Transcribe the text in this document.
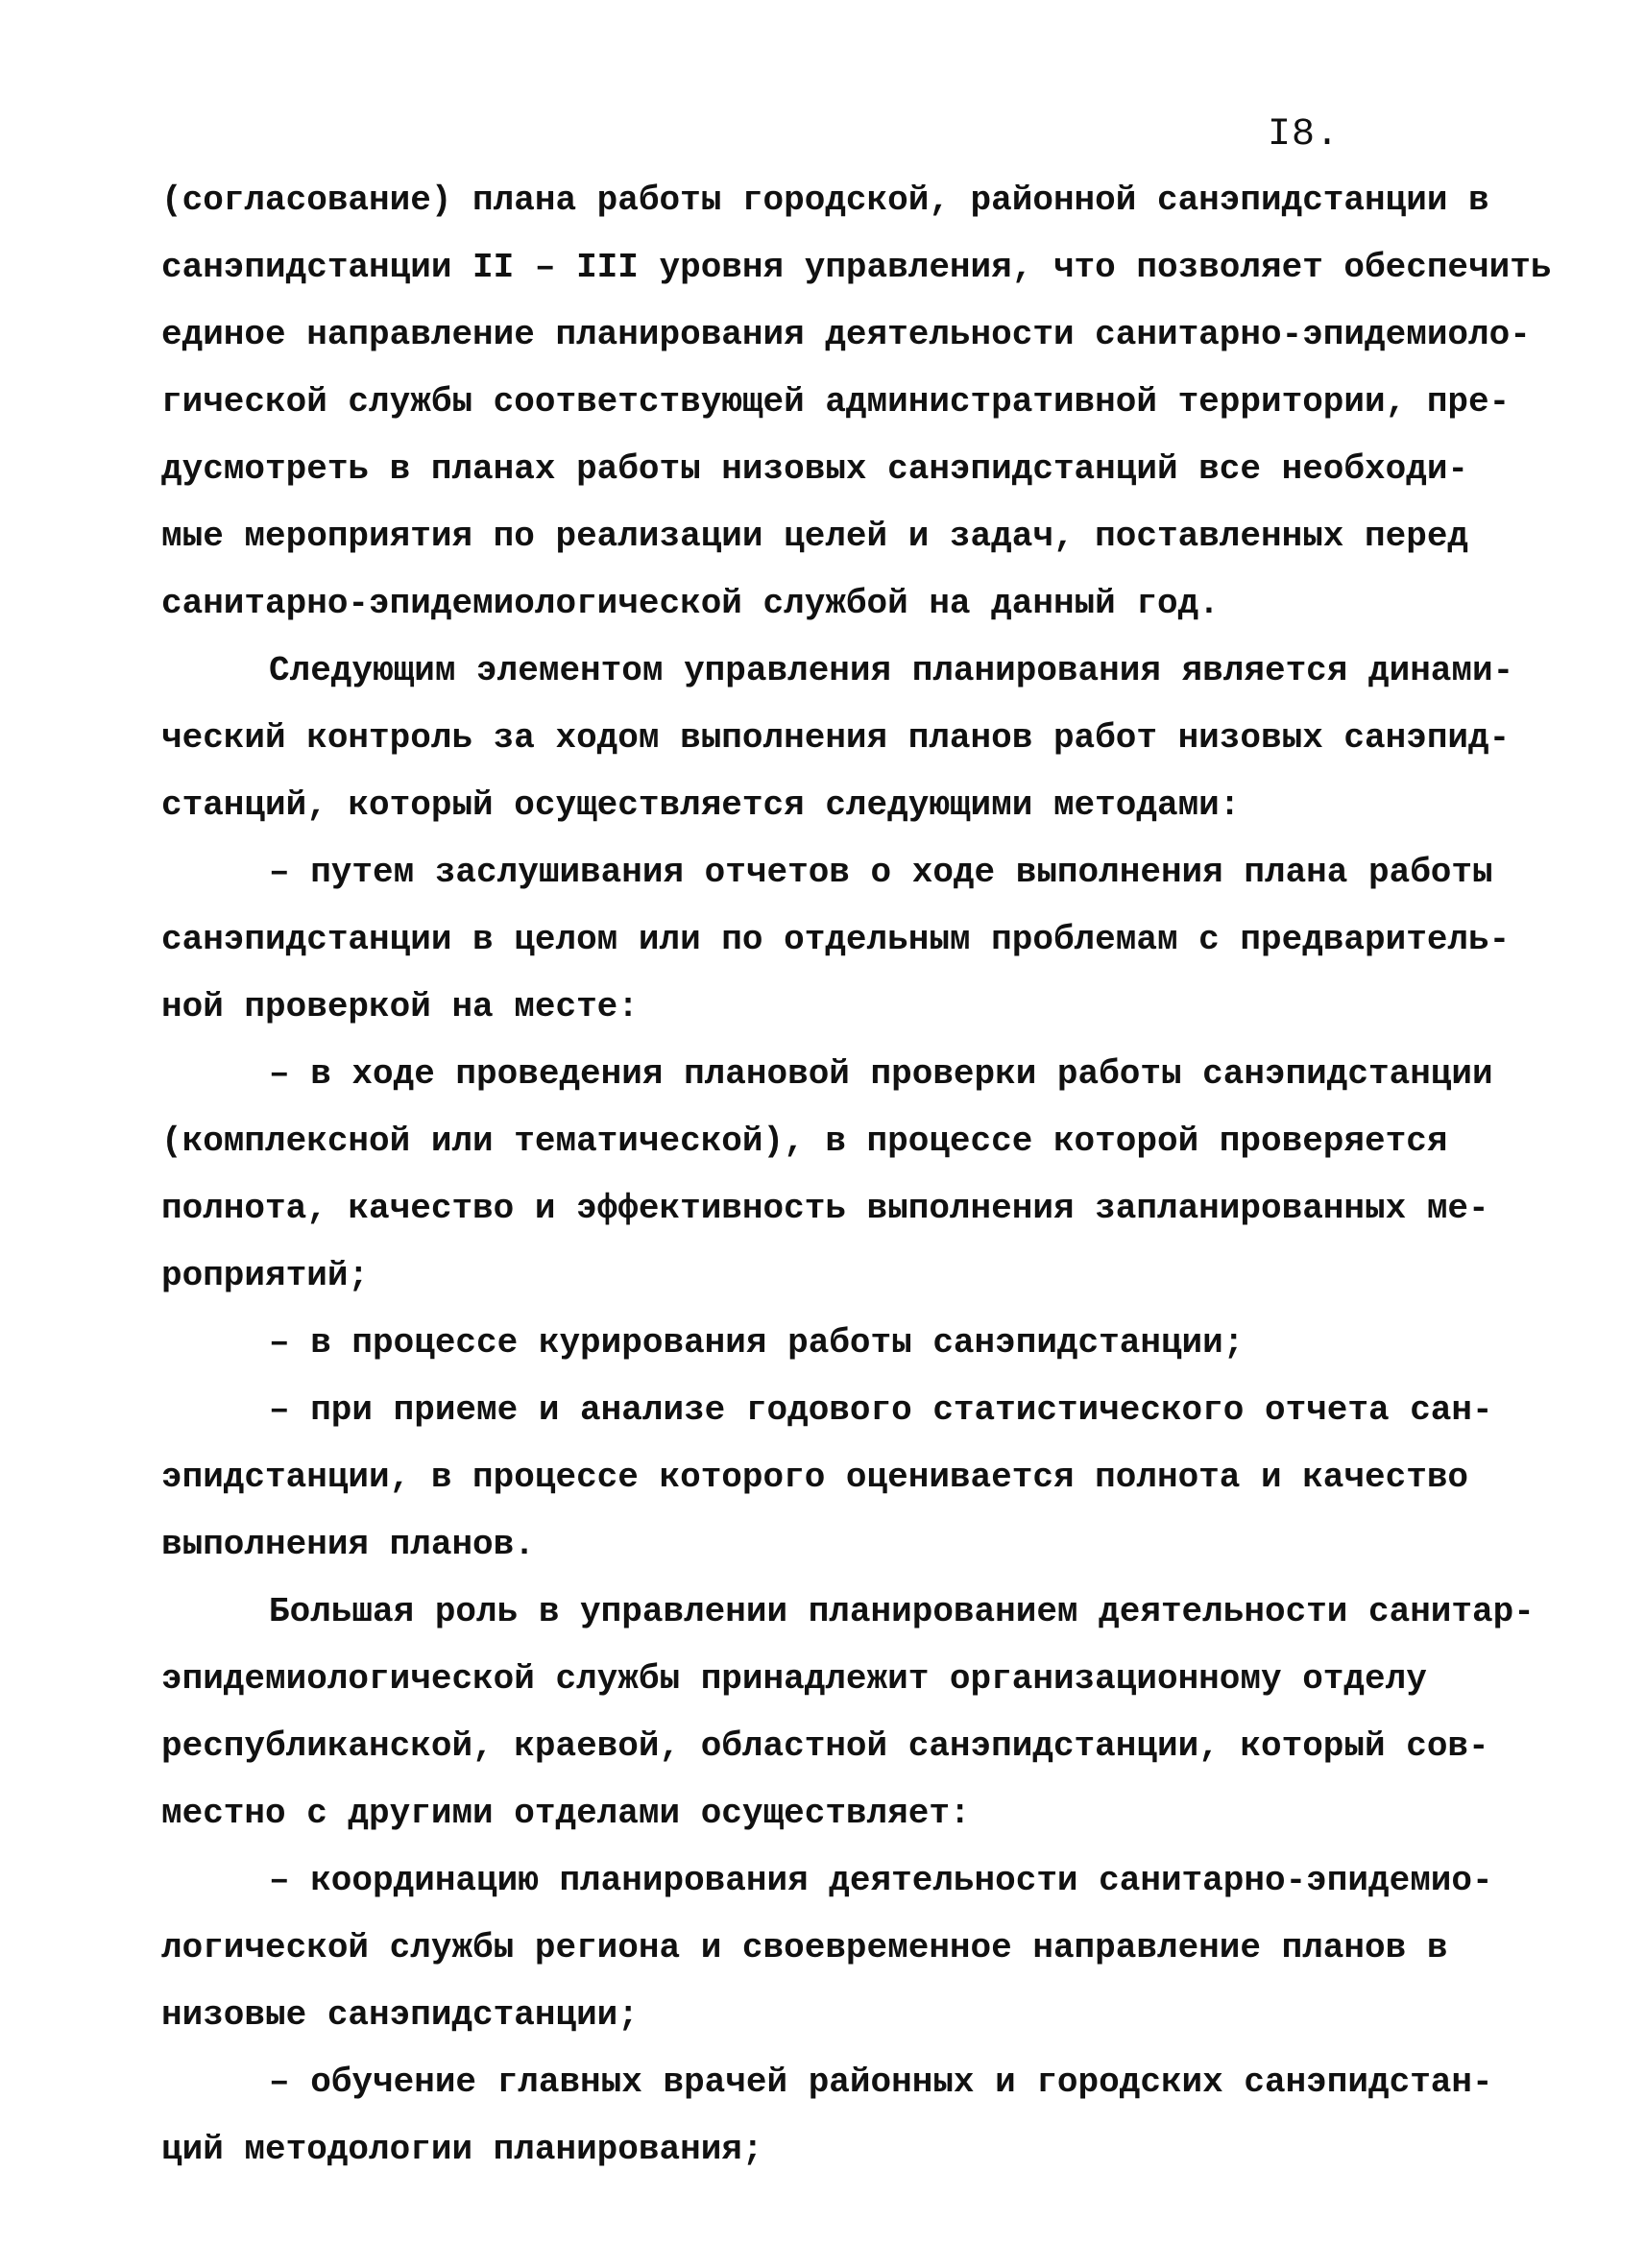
I8.
(согласование) плана работы городской, районной санэпидстанции в
санэпидстанции II – III уровня управления, что позволяет обеспечить
единое направление планирования деятельности санитарно-эпидемиоло-
гической службы соответствующей административной территории, пре-
дусмотреть в планах работы низовых санэпидстанций все необходи-
мые мероприятия по реализации целей и задач, поставленных перед
санитарно-эпидемиологической службой на данный год.
Следующим элементом управления планирования является динами-
ческий контроль за ходом выполнения планов работ низовых санэпид-
станций, который осуществляется следующими методами:
– путем заслушивания отчетов о ходе выполнения плана работы
санэпидстанции в целом или по отдельным проблемам с предваритель-
ной проверкой на месте:
– в ходе проведения плановой проверки работы санэпидстанции
(комплексной или тематической), в процессе которой проверяется
полнота, качество и эффективность выполнения запланированных ме-
роприятий;
– в процессе курирования работы санэпидстанции;
– при приеме и анализе годового статистического отчета сан-
эпидстанции, в процессе которого оценивается полнота и качество
выполнения планов.
Большая роль в управлении планированием деятельности санитар-
эпидемиологической службы принадлежит организационному отделу
республиканской, краевой, областной санэпидстанции, который сов-
местно с другими отделами осуществляет:
– координацию планирования деятельности санитарно-эпидемио-
логической службы региона и своевременное направление планов в
низовые санэпидстанции;
– обучение главных врачей районных и городских санэпидстан-
ций методологии планирования;
